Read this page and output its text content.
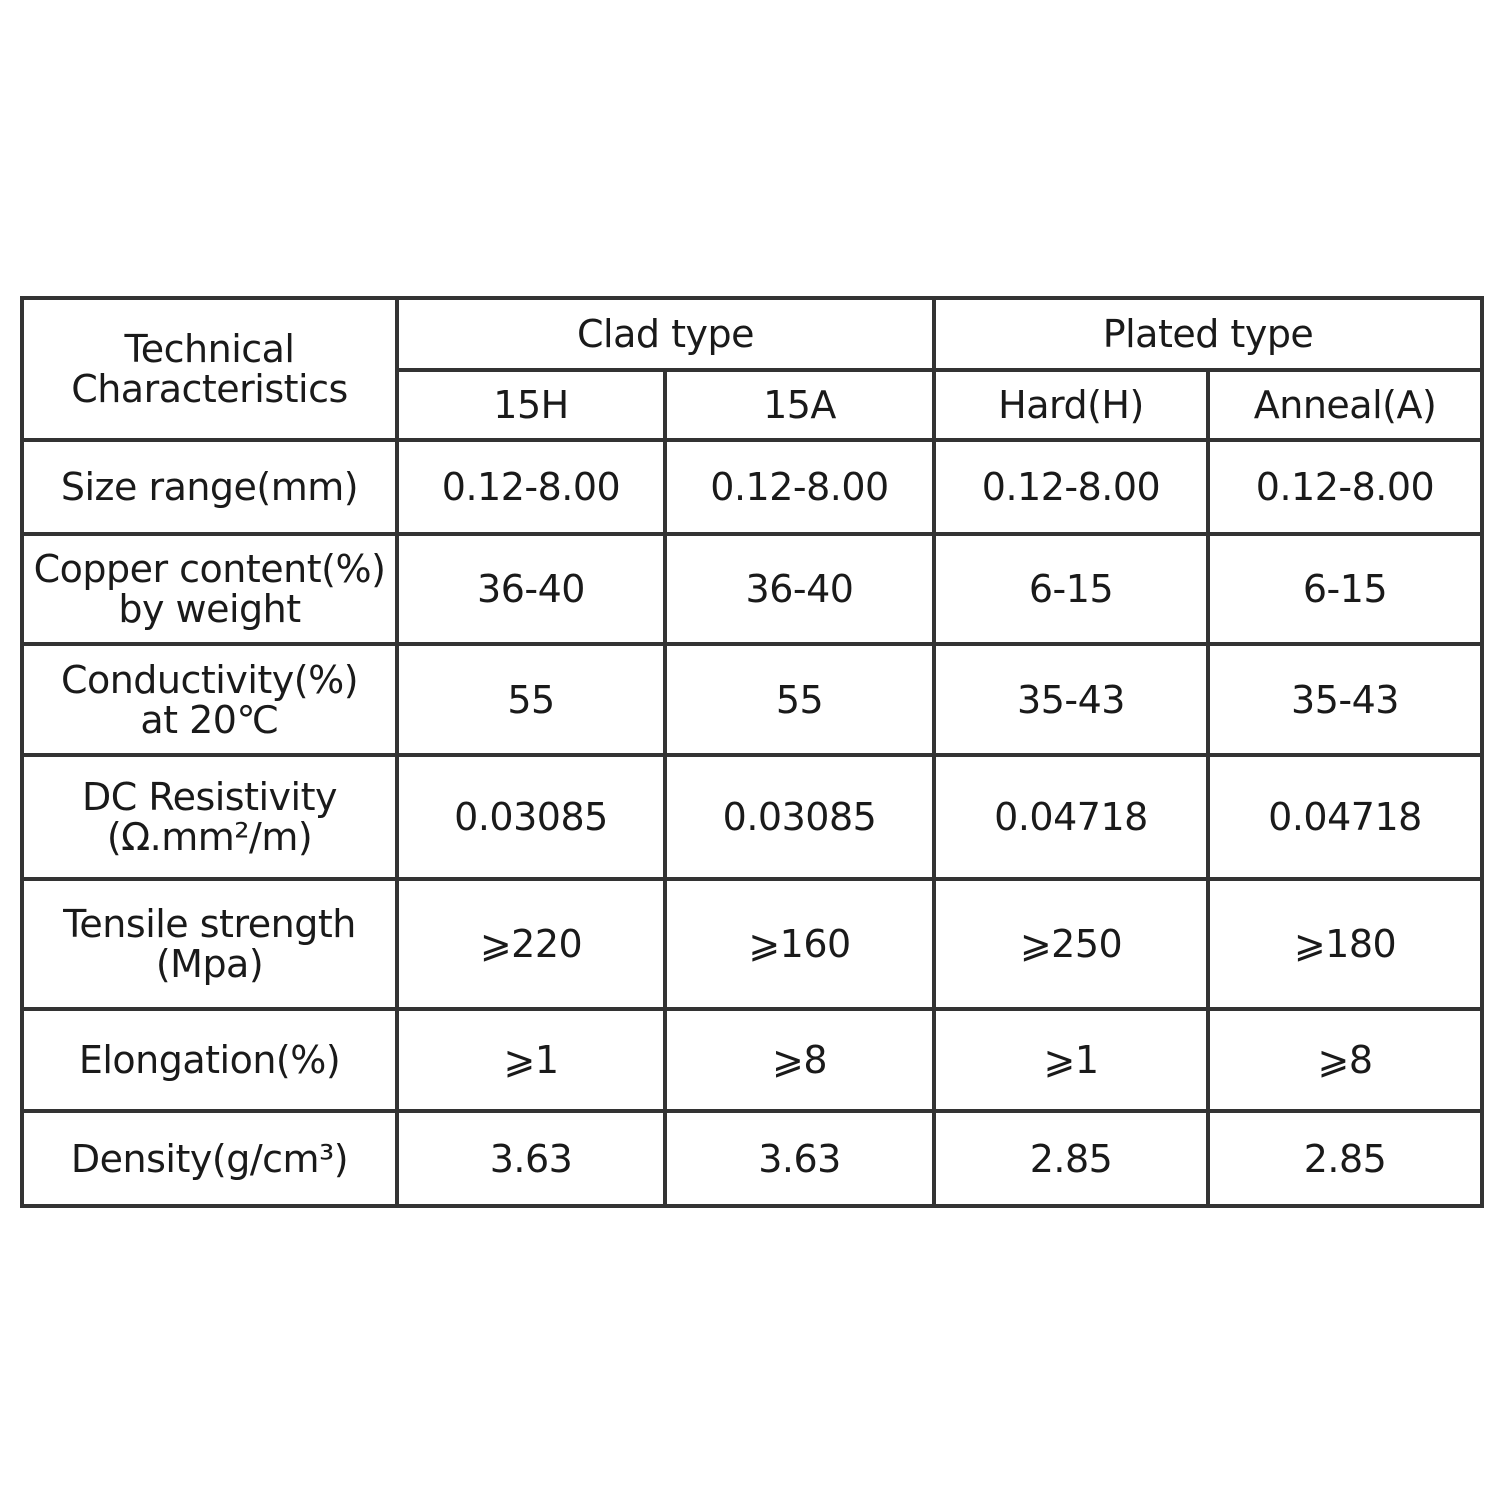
Technical
Characteristics	Clad type		Plated type	
	15H	15A	Hard(H)	Anneal(A)

Size range(mm)	0.12-8.00	0.12-8.00	0.12-8.00	0.12-8.00

Copper content(%)
by weight	36-40	36-40	6-15	6-15

Conductivity(%)
at 20℃	55	55	35-43	35-43

DC Resistivity
(Ω.mm²/m)	0.03085	0.03085	0.04718	0.04718

Tensile strength
(Mpa)	⩾220	⩾160	⩾250	⩾180

Elongation(%)	⩾1	⩾8	⩾1	⩾8

Density(g/cm³)	3.63	3.63	2.85	2.85
